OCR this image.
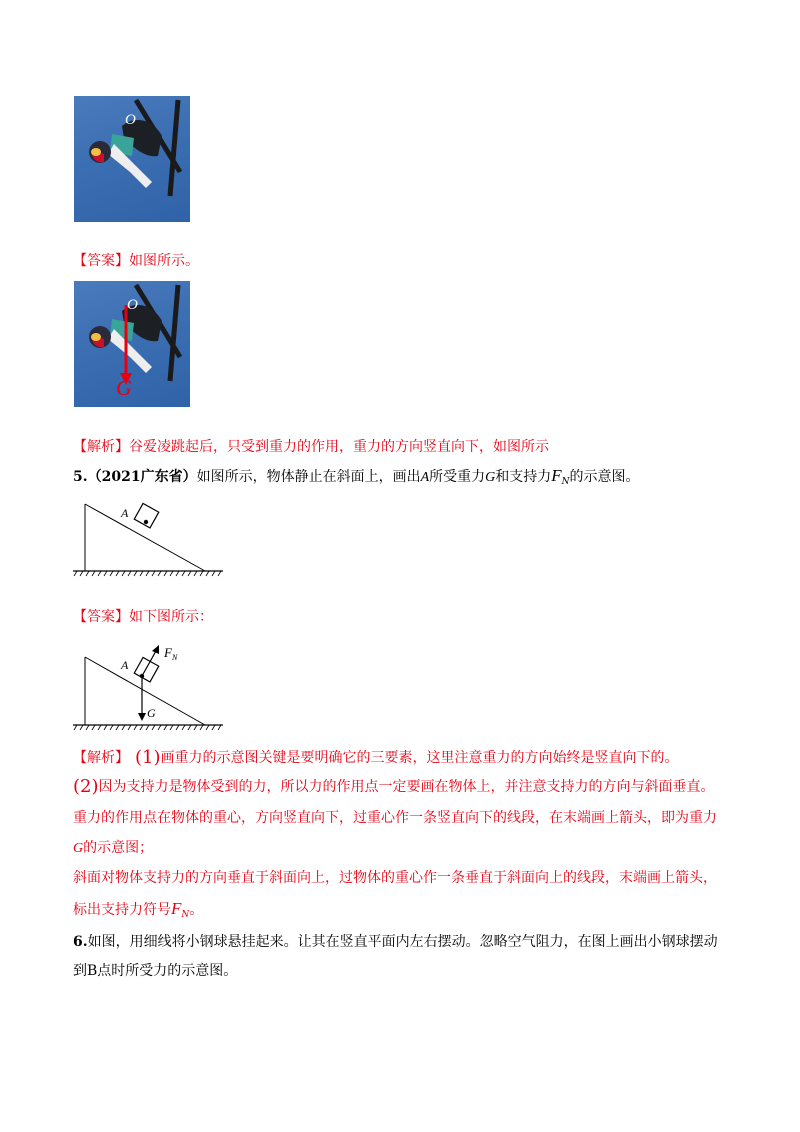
O
【答案】如图所示。
O
G
【解析】谷爱凌跳起后，只受到重力的作用，重力的方向竖直向下，如图所示
5.（2021广东省）如图所示，物体静止在斜面上，画出A所受重力G和支持力$F_N$的示意图。
A
【答案】如下图所示：
A
$F_N$
G
【解析】 (1)画重力的示意图关键是要明确它的三要素，这里注意重力的方向始终是竖直向下的。
(2)因为支持力是物体受到的力，所以力的作用点一定要画在物体上，并注意支持力的方向与斜面垂直。
重力的作用点在物体的重心，方向竖直向下，过重心作一条竖直向下的线段，在末端画上箭头，即为重力
G的示意图；
斜面对物体支持力的方向垂直于斜面向上，过物体的重心作一条垂直于斜面向上的线段，末端画上箭头，
标出支持力符号$F_N$。
6.如图，用细线将小钢球悬挂起来。让其在竖直平面内左右摆动。忽略空气阻力，在图上画出小钢球摆动
到B点时所受力的示意图。
